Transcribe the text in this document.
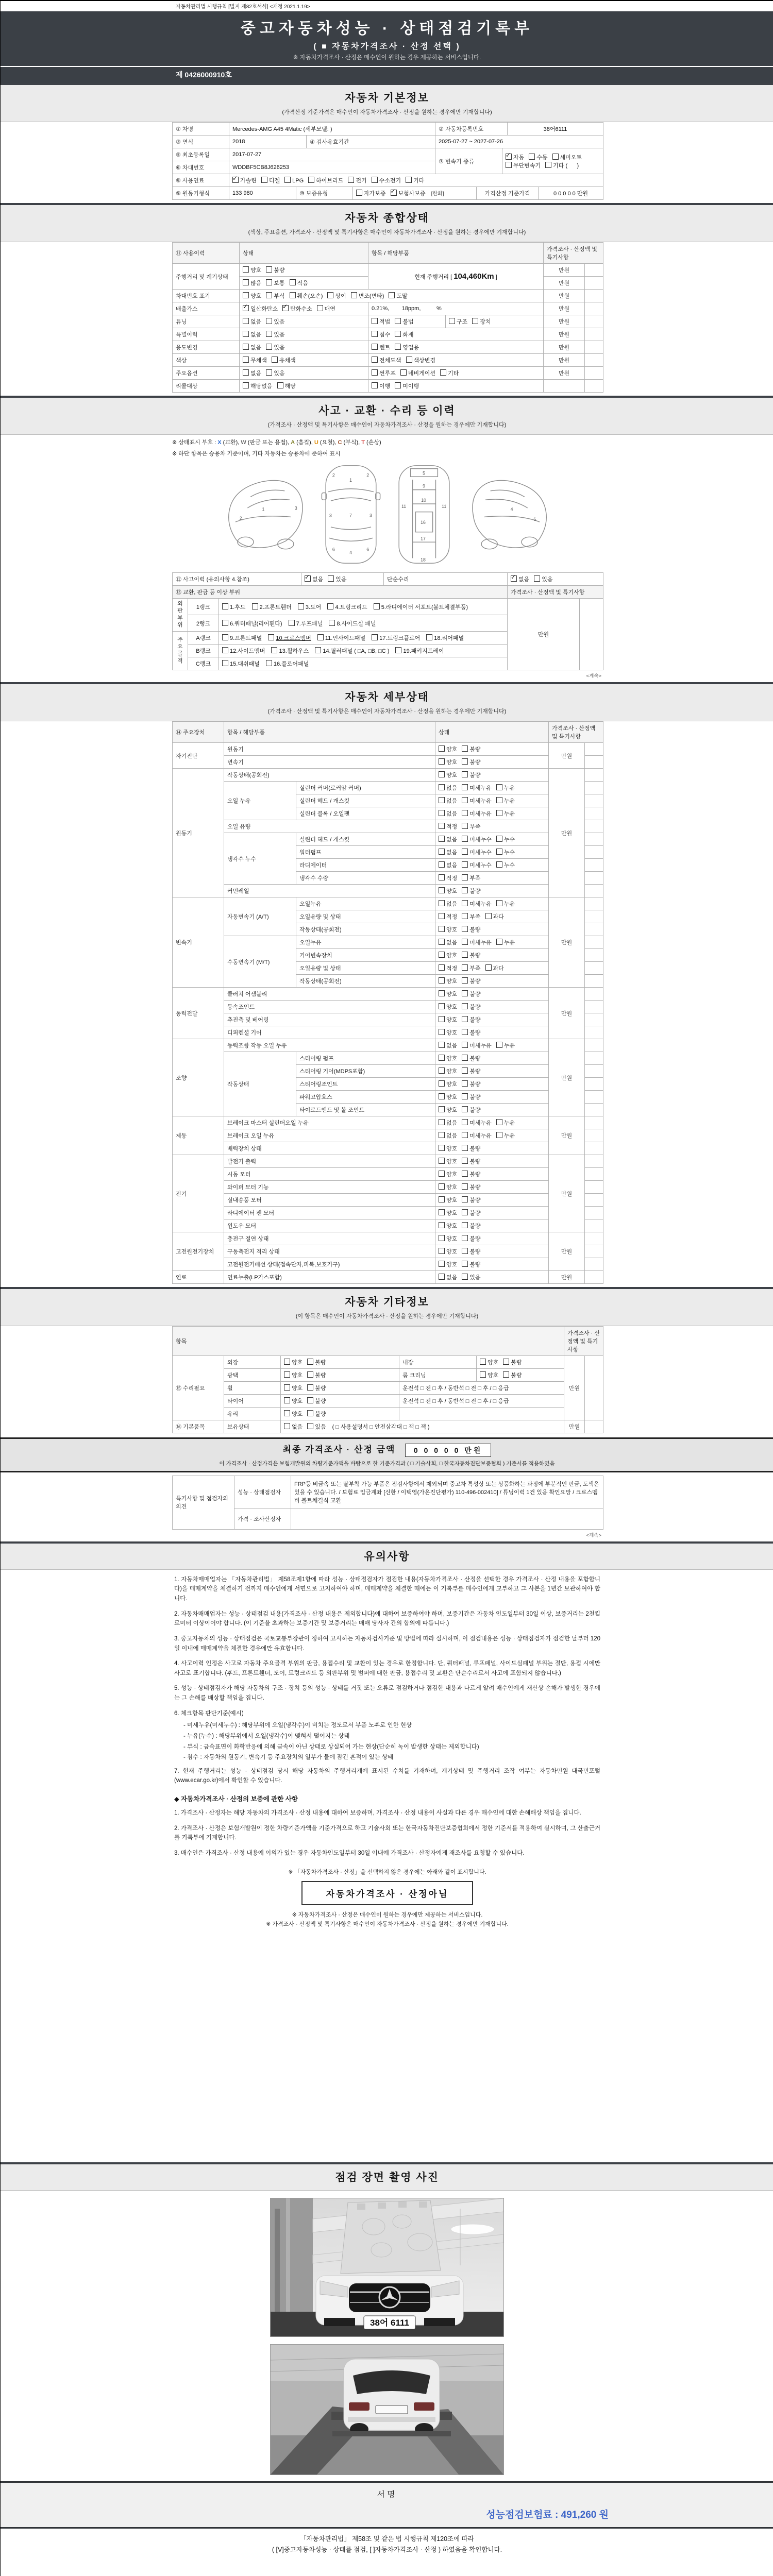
자동차관리법 시행규칙 [별지 제82호서식] <개정 2021.1.19>
중고자동차성능 · 상태점검기록부
( ■ 자동차가격조사 · 산정 선택 )
※ 자동차가격조사 · 산정은 매수인이 원하는 경우 제공하는 서비스입니다.
제 0426000910호
자동차 기본정보
(가격산정 기준가격은 매수인이 자동차가격조사 · 산정을 원하는 경우에만 기재합니다)
① 차명	Mercedes-AMG A45 4Matic (세부모델: )	② 자동차등록번호	38어6111
③ 연식	2018	④ 검사유효기간	2025-07-27 ~ 2027-07-26
⑤ 최초등록일	2017-07-27	⑦ 변속기 종류	✓자동 수동 세미오토무단변속기 기타 (      )
⑥ 차대번호	WDDBF5CB8J626253		
⑧ 사용연료	✓가솔린 디젤 LPG 하이브리드 전기 수소전기 기타
⑨ 원동기형식	133 980	⑩ 보증유형	자가보증 ✓ 보험사보증 [한화]	가격산정 기준가격	0 0 0 0 0 만원
자동차 종합상태
(색상, 주요옵션, 가격조사 · 산정액 및 특기사항은 매수인이 자동차가격조사 · 산정을 원하는 경우에만 기재합니다)
⑪ 사용이력	상태	항목 / 해당부품		가격조사 · 산정액 및 특기사항	
주행거리 및 계기상태	양호 불량	현재 주행거리 [ 104,460Km ]		만원	
	많음 보통 적음			만원	
차대번호 표기	양호 부식 훼손(오손) 상이 변조(변타) 도말			만원	
배출가스	✓일산화탄소 ✓ 탄화수소 매연	0.21%,        18ppm,          %		만원	
튜닝	없음 있음	적법 불법	구조 장치	만원	
특별이력	없음 있음	침수 화재		만원	
용도변경	없음 있음	렌트 영업용		만원	
색상	무채색 유채색	전체도색 색상변경		만원	
주요옵션	없음 있음	썬루프 네비게이션 기타		만원	
리콜대상	해당없음 해당	이행 미이행			
사고 · 교환 · 수리 등 이력
(가격조사 · 산정액 및 특기사항은 매수인이 자동차가격조사 · 산정을 원하는 경우에만 기재합니다)
※ 상태표시 부호 : X (교환), W (판금 또는 용접), A (흠집), U (요철), C (부식), T (손상)
※ 하단 항목은 승용차 기준이며, 기타 자동차는 승용차에 준하여 표시
1
2
3
1
7
4
2	2
3	3
6	6
5
9
10
11	11
16
17
18
4
6
⑫ 사고이력 (유의사항 4.참조)	✓없음 있음	단순수리	✓없음 있음
⑬ 교환, 판금 등 이상 부위			가격조사 · 산정액 및 특기사항	
외판부위	1랭크	1.후드 2.프론트휀더 3.도어 4.트렁크리드 5.라디에이터 서포트(볼트체결부품)	만원	
	2랭크	6.쿼터패널(리어휀다) 7.루프패널 8.사이드실 패널		
주요골격	A랭크	9.프론트패널 10.크로스멤버 11.인사이드패널 17.트렁크플로어 18.리어패널		
	B랭크	12.사이드멤버 13.휠하우스 14.필러패널 ( □A, □B, □C ) 19.패키지트레이		
	C랭크	15.대쉬패널 16.플로어패널		
<계속>
자동차 세부상태
(가격조사 · 산정액 및 특기사항은 매수인이 자동차가격조사 · 산정을 원하는 경우에만 기재합니다)
⑭ 주요장치	항목 / 해당부품		상태	가격조사 · 산정액 및 특기사항	
자기진단	원동기		양호 불량	만원	
	변속기		양호 불량		
원동기	작동상태(공회전)		양호 불량	만원	
	오일 누유	실린더 커버(로커암 커버)	없음 미세누유 누유		
		실린더 헤드 / 개스킷	없음 미세누유 누유		
		실린더 블록 / 오일팬	없음 미세누유 누유		
	오일 유량		적정 부족		
	냉각수 누수	실린더 헤드 / 개스킷	없음 미세누수 누수		
		워터펌프	없음 미세누수 누수		
		라디에이터	없음 미세누수 누수		
		냉각수 수량	적정 부족		
	커먼레일		양호 불량		
변속기	자동변속기 (A/T)	오일누유	없음 미세누유 누유	만원	
		오일유량 및 상태	적정 부족 과다		
		작동상태(공회전)	양호 불량		
	수동변속기 (M/T)	오일누유	없음 미세누유 누유		
		기어변속장치	양호 불량		
		오일유량 및 상태	적정 부족 과다		
		작동상태(공회전)	양호 불량		
동력전달	클러치 어셈블리		양호 불량	만원	
	등속조인트		양호 불량		
	추진축 및 베어링		양호 불량		
	디퍼렌셜 기어		양호 불량		
조향	동력조향 작동 오일 누유		없음 미세누유 누유	만원	
	작동상태	스티어링 펌프	양호 불량		
		스티어링 기어(MDPS포함)	양호 불량		
		스티어링조인트	양호 불량		
		파워고압호스	양호 불량		
		타이로드엔드 및 볼 조인트	양호 불량		
제동	브레이크 마스터 실린더오일 누유		없음 미세누유 누유	만원	
	브레이크 오일 누유		없음 미세누유 누유		
	배력장치 상태		양호 불량		
전기	발전기 출력		양호 불량	만원	
	시동 모터		양호 불량		
	와이퍼 모터 기능		양호 불량		
	실내송풍 모터		양호 불량		
	라디에이터 팬 모터		양호 불량		
	윈도우 모터		양호 불량		
고전원전기장치	충전구 절연 상태		양호 불량	만원	
	구동축전지 격리 상태		양호 불량		
	고전원전기배선 상태(접속단자,피복,보호기구)		양호 불량		
연료	연료누출(LP가스포함)		없음 있음	만원	
자동차 기타정보
(이 항목은 매수인이 자동차가격조사 · 산정을 원하는 경우에만 기재합니다)
항목					가격조사 · 산정액 및 특기사항	
⑮ 수리필요	외장	양호 불량	내장	양호 불량	만원	
	광택	양호 불량	룸 크리닝	양호 불량		
	휠	양호 불량	운전석 □ 전 □ 후 / 동반석 □ 전 □ 후 / □ 응급			
	타이어	양호 불량	운전석 □ 전 □ 후 / 동반석 □ 전 □ 후 / □ 응급			
	유리	양호 불량				
⑯ 기본품목	보유상태	없음 있음 ( □ 사용설명서 □ 안전삼각대 □ 잭 □ 잭 )			만원	
최종 가격조사 · 산정 금액	0 0 0 0 0 만원
이 가격조사 · 산정가격은 보험개발원의 차량기준가액을 바탕으로 한 기준가격과 ( □ 기술사회, □ 한국자동차진단보증협회 ) 기준서를 적용하였음
특기사항 및 점검자의 의견	성능 · 상태점검자	FRP등 비금속 또는 탈부착 가능 부품은 점검사항에서 제외되며 중고차 특성상 또는 상품화하는 과정에 부분적인 판금, 도색은 있을 수 있습니다. / 보험료 입금계좌 [신한 / 이택영(가온진단평가) 110-496-002410] / 튜닝이력 1건 있음 확인요망 / 크로스멤버 볼트체결식 교환
	가격 · 조사산정자	
<계속>
유의사항

1. 자동차매매업자는 「자동차관리법」 제58조제1항에 따라 성능 · 상태점검자가 점검한 내용(자동차가격조사 · 산정을 선택한 경우 가격조사 · 산정 내용을 포함합니다)을 매매계약을 체결하기 전까지 매수인에게 서면으로 고지하여야 하며, 매매계약을 체결한 때에는 이 기록부를 매수인에게 교부하고 그 사본을 1년간 보관하여야 합니다.

2. 자동차매매업자는 성능 · 상태점검 내용(가격조사 · 산정 내용은 제외합니다)에 대하여 보증하여야 하며, 보증기간은 자동차 인도일부터 30일 이상, 보증거리는 2천킬로미터 이상이어야 합니다. (이 기준을 초과하는 보증기간 및 보증거리는 매매 당사자 간의 합의에 따릅니다.)

3. 중고자동차의 성능 · 상태점검은 국토교통부장관이 정하여 고시하는 자동차검사기준 및 방법에 따라 실시하며, 이 점검내용은 성능 · 상태점검자가 점검한 날부터 120일 이내에 매매계약을 체결한 경우에만 유효합니다.

4. 사고이력 인정은 사고로 자동차 주요골격 부위의 판금, 용접수리 및 교환이 있는 경우로 한정합니다. 단, 쿼터패널, 루프패널, 사이드실패널 부위는 절단, 용접 시에만 사고로 표기합니다. (후드, 프론트휀더, 도어, 트렁크리드 등 외판부위 및 범퍼에 대한 판금, 용접수리 및 교환은 단순수리로서 사고에 포함되지 않습니다.)

5. 성능 · 상태점검자가 해당 자동차의 구조 · 장치 등의 성능 · 상태를 거짓 또는 오류로 점검하거나 점검한 내용과 다르게 알려 매수인에게 재산상 손해가 발생한 경우에는 그 손해를 배상할 책임을 집니다.

6. 체크항목 판단기준(예시)

- 미세누유(미세누수) : 해당부위에 오일(냉각수)이 비치는 정도로서 부품 노후로 인한 현상

- 누유(누수) : 해당부위에서 오일(냉각수)이 맺혀서 떨어지는 상태

- 부식 : 금속표면이 화학반응에 의해 금속이 아닌 상태로 상실되어 가는 현상(단순히 녹이 발생한 상태는 제외합니다)

- 침수 : 자동차의 원동기, 변속기 등 주요장치의 일부가 물에 잠긴 흔적이 있는 상태

7. 현재 주행거리는 성능 · 상태점검 당시 해당 자동차의 주행거리계에 표시된 수치를 기재하며, 계기상태 및 주행거리 조작 여부는 자동차민원 대국민포털(www.ecar.go.kr)에서 확인할 수 있습니다.

◆ 자동차가격조사 · 산정의 보증에 관한 사항

1. 가격조사 · 산정자는 해당 자동차의 가격조사 · 산정 내용에 대하여 보증하며, 가격조사 · 산정 내용이 사실과 다른 경우 매수인에 대한 손해배상 책임을 집니다.

2. 가격조사 · 산정은 보험개발원이 정한 차량기준가액을 기준가격으로 하고 기술사회 또는 한국자동차진단보증협회에서 정한 기준서를 적용하여 실시하며, 그 산출근거를 기록부에 기재합니다.

3. 매수인은 가격조사 · 산정 내용에 이의가 있는 경우 자동차인도일부터 30일 이내에 가격조사 · 산정자에게 재조사를 요청할 수 있습니다.

※ 「자동차가격조사 · 산정」을 선택하지 않은 경우에는 아래와 같이 표시합니다.
자동차가격조사 · 산정아님
※ 자동차가격조사 · 산정은 매수인이 원하는 경우에만 제공하는 서비스입니다.
※ 가격조사 · 산정액 및 특기사항은 매수인이 자동차가격조사 · 산정을 원하는 경우에만 기재합니다.
점검 장면 촬영 사진
38어 6111
서명
성능점검보험료 : 491,260 원
「자동차관리법」 제58조 및 같은 법 시행규칙 제120조에 따라
( [V]중고자동차성능 · 상태를 점검, [ ]자동차가격조사 · 산정 ) 하였음을 확인합니다.
